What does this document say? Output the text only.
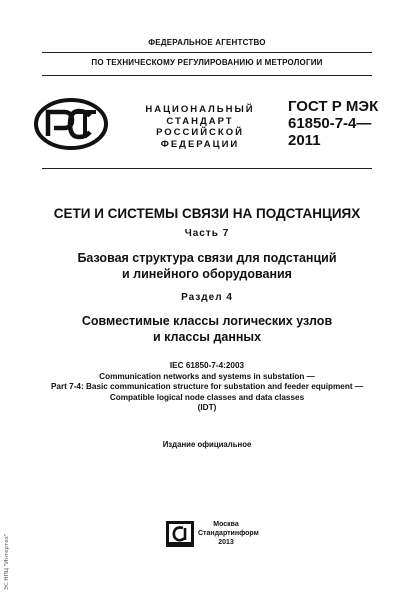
ФЕДЕРАЛЬНОЕ АГЕНТСТВО
ПО ТЕХНИЧЕСКОМУ РЕГУЛИРОВАНИЮ И МЕТРОЛОГИИ
НАЦИОНАЛЬНЫЙ
СТАНДАРТ
РОССИЙСКОЙ
ФЕДЕРАЦИИ
ГОСТ Р МЭК
61850-7-4—
2011
СЕТИ И СИСТЕМЫ СВЯЗИ НА ПОДСТАНЦИЯХ
Часть 7
Базовая структура связи для подстанций
и линейного оборудования
Раздел 4
Совместимые классы логических узлов
и классы данных
IEC 61850-7-4:2003
Communication networks and systems in substation —
Part 7-4: Basic communication structure for substation and feeder equipment —
Compatible logical node classes and data classes
(IDT)
Издание официальное
Москва
Стандартинформ
2013
ЭС НПЦ "Интертех"
